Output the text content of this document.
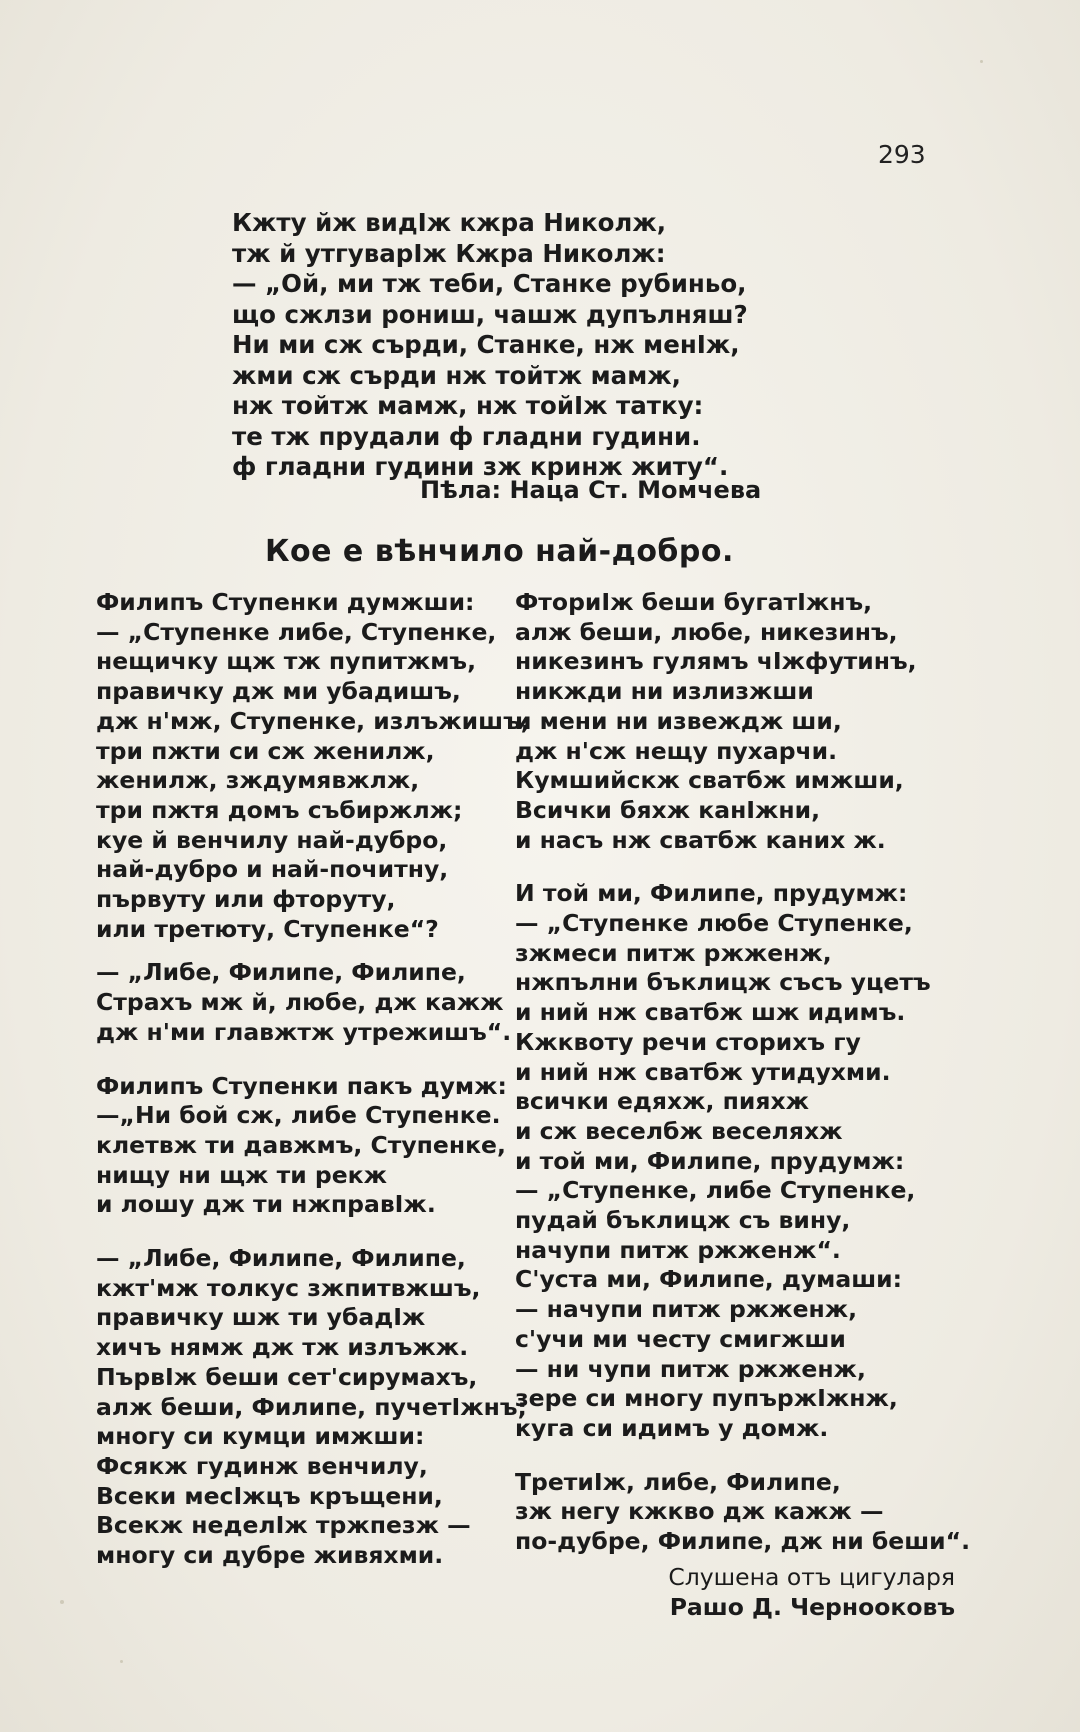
293
Кжту йж видІж кжра Николж,
тж й утгуварІж Кжра Николж:
— „Ой, ми тж теби, Станке рубиньо,
що сжлзи рониш, чашж дупълняш?
Ни ми сж сърди, Станке, нж менІж,
жми сж сърди нж тойтж мамж,
нж тойтж мамж, нж тойІж татку:
те тж прудали ф гладни гудини.
ф гладни гудини зж кринж житу“.
Пѣла: Наца Ст. Момчева
Кое е вѣнчило най-добро.
Филипъ Ступенки думжши:
— „Ступенке либе, Ступенке,
нещичку щж тж пупитжмъ,
правичку дж ми убадишъ,
дж н'мж, Ступенке, излъжишъ,
три пжти си сж женилж,
женилж, зждумявжлж,
три пжтя домъ събиржлж;
куе й венчилу най-дубро,
най-дубро и най-почитну,
първуту или фторуту,
или третюту, Ступенке“?
— „Либе, Филипе, Филипе,
Страхъ мж й, любе, дж кажж
дж н'ми главжтж утрежишъ“.
Филипъ Ступенки пакъ думж:
—„Ни бой сж, либе Ступенке.
клетвж ти давжмъ, Ступенке,
нищу ни щж ти рекж
и лошу дж ти нжправІж.
— „Либе, Филипе, Филипе,
кжт'мж толкус зжпитвжшъ,
правичку шж ти убадІж
хичъ нямж дж тж излъжж.
ПървІж беши сет'сирумахъ,
алж беши, Филипе, пучетІжнъ;
многу си кумци имжши:
Фсякж гудинж венчилу,
Всеки месІжцъ кръщени,
Всекж неделІж тржпезж —
многу си дубре живяхми.
ФториІж беши бугатІжнъ,
алж беши, любе, никезинъ,
никезинъ гулямъ чІжфутинъ,
никжди ни излизжши
и мени ни извеждж ши,
дж н'сж нещу пухарчи.
Кумшийскж сватбж имжши,
Всички бяхж канІжни,
и насъ нж сватбж каних ж.
И той ми, Филипе, прудумж:
— „Ступенке любе Ступенке,
зжмеси питж ржженж,
нжпълни бъклицж съсъ уцетъ
и ний нж сватбж шж идимъ.
Кжквоту речи сторихъ гу
и ний нж сватбж утидухми.
всички едяхж, пияхж
и сж веселбж веселяхж
и той ми, Филипе, прудумж:
— „Ступенке, либе Ступенке,
пудай бъклицж съ вину,
начупи питж ржженж“.
С'уста ми, Филипе, думаши:
— начупи питж ржженж,
с'учи ми честу смигжши
— ни чупи питж ржженж,
зере си многу пупържІжнж,
куга си идимъ у домж.
ТретиІж, либе, Филипе,
зж негу кжкво дж кажж —
по-дубре, Филипе, дж ни беши“.
Слушена отъ цигуларя
Рашо Д. Чернооковъ
